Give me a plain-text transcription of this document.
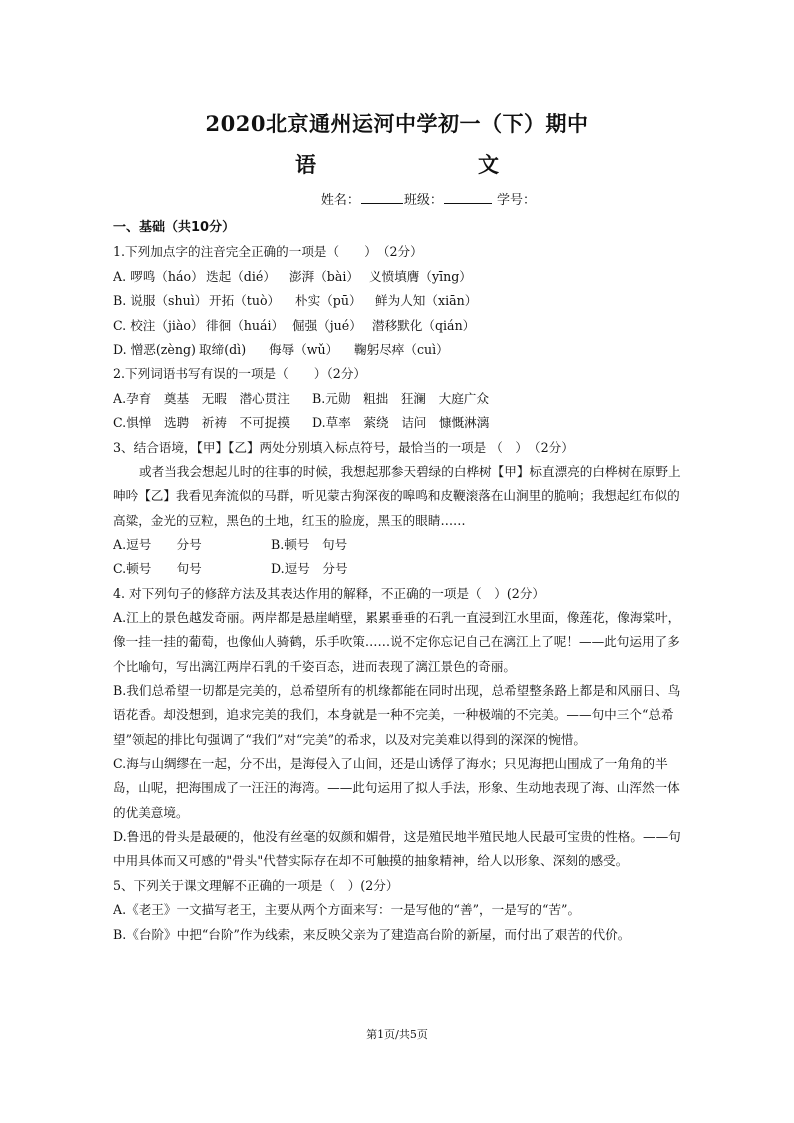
2020北京通州运河中学初一（下）期中
语　　文
姓名：	班级：	学号：
一、基础（共10分）
1.下列加点字的注音完全正确的一项是（　　）　（2分）
A. 啰鸣（háo） 迭起（dié）	澎湃（bài） 义愤填膺（yīng）
B. 说服（shuì） 开拓（tuò）	朴实（pū）	鲜为人知（xiān）
C. 校注（jiào） 徘徊（huái） 倔强（jué） 潜移默化（qián）
D. 憎恶(zèng) 取缔(dì)	侮辱（wǔ）	鞠躬尽瘁（cuì）
2.下列词语书写有误的一项是（　　）（2分）
A.孕育　奠基　无暇　潜心贯注	B.元勋　粗拙　狂澜　大庭广众
C.惧惮　选聘　祈祷　不可捉摸	D.草率　萦绕　诘问　慷慨淋漓
3、结合语境，【甲】【乙】两处分别填入标点符号，最恰当的一项是 （　）　（2分）
或者当我会想起儿时的往事的时候，我想起那参天碧绿的白桦树【甲】标直漂亮的白桦树在原野上呻吟【乙】我看见奔流似的马群，听见蒙古狗深夜的嗥鸣和皮鞭滚落在山涧里的脆响；我想起红布似的高粱，金光的豆粒，黑色的土地，红玉的脸庞，黑玉的眼睛……
A.逗号　　分号	B.顿号　句号
C.顿号　　句号	D.逗号　分号
4. 对下列句子的修辞方法及其表达作用的解释，不正确的一项是（　）(2分）
A.江上的景色越发奇丽。两岸都是悬崖峭壁，累累垂垂的石乳一直浸到江水里面，像莲花，像海棠叶，像一挂一挂的葡萄，也像仙人骑鹤，乐手吹策……说不定你忘记自己在漓江上了呢！——此句运用了多个比喻句，写出漓江两岸石乳的千姿百态，进而表现了漓江景色的奇丽。
B.我们总希望一切都是完美的，总希望所有的机缘都能在同时出现，总希望整条路上都是和风丽日、鸟语花香。却没想到，追求完美的我们，本身就是一种不完美，一种极端的不完美。——句中三个“总希望”领起的排比句强调了“我们”对“完美”的希求，以及对完美难以得到的深深的惋惜。
C.海与山绸缪在一起，分不出，是海侵入了山间，还是山诱俘了海水；只见海把山围成了一角角的半岛，山呢，把海围成了一汪汪的海湾。——此句运用了拟人手法，形象、生动地表现了海、山浑然一体的优美意境。
D.鲁迅的骨头是最硬的，他没有丝毫的奴颜和媚骨，这是殖民地半殖民地人民最可宝贵的性格。——句中用具体而又可感的"骨头"代替实际存在却不可触摸的抽象精神，给人以形象、深刻的感受。
5、下列关于课文理解不正确的一项是（　）(2分）
A.《老王》一文描写老王，主要从两个方面来写：一是写他的“善”，一是写的“苦”。
B.《台阶》中把“台阶”作为线索，来反映父亲为了建造高台阶的新屋，而付出了艰苦的代价。
第1页/共5页
